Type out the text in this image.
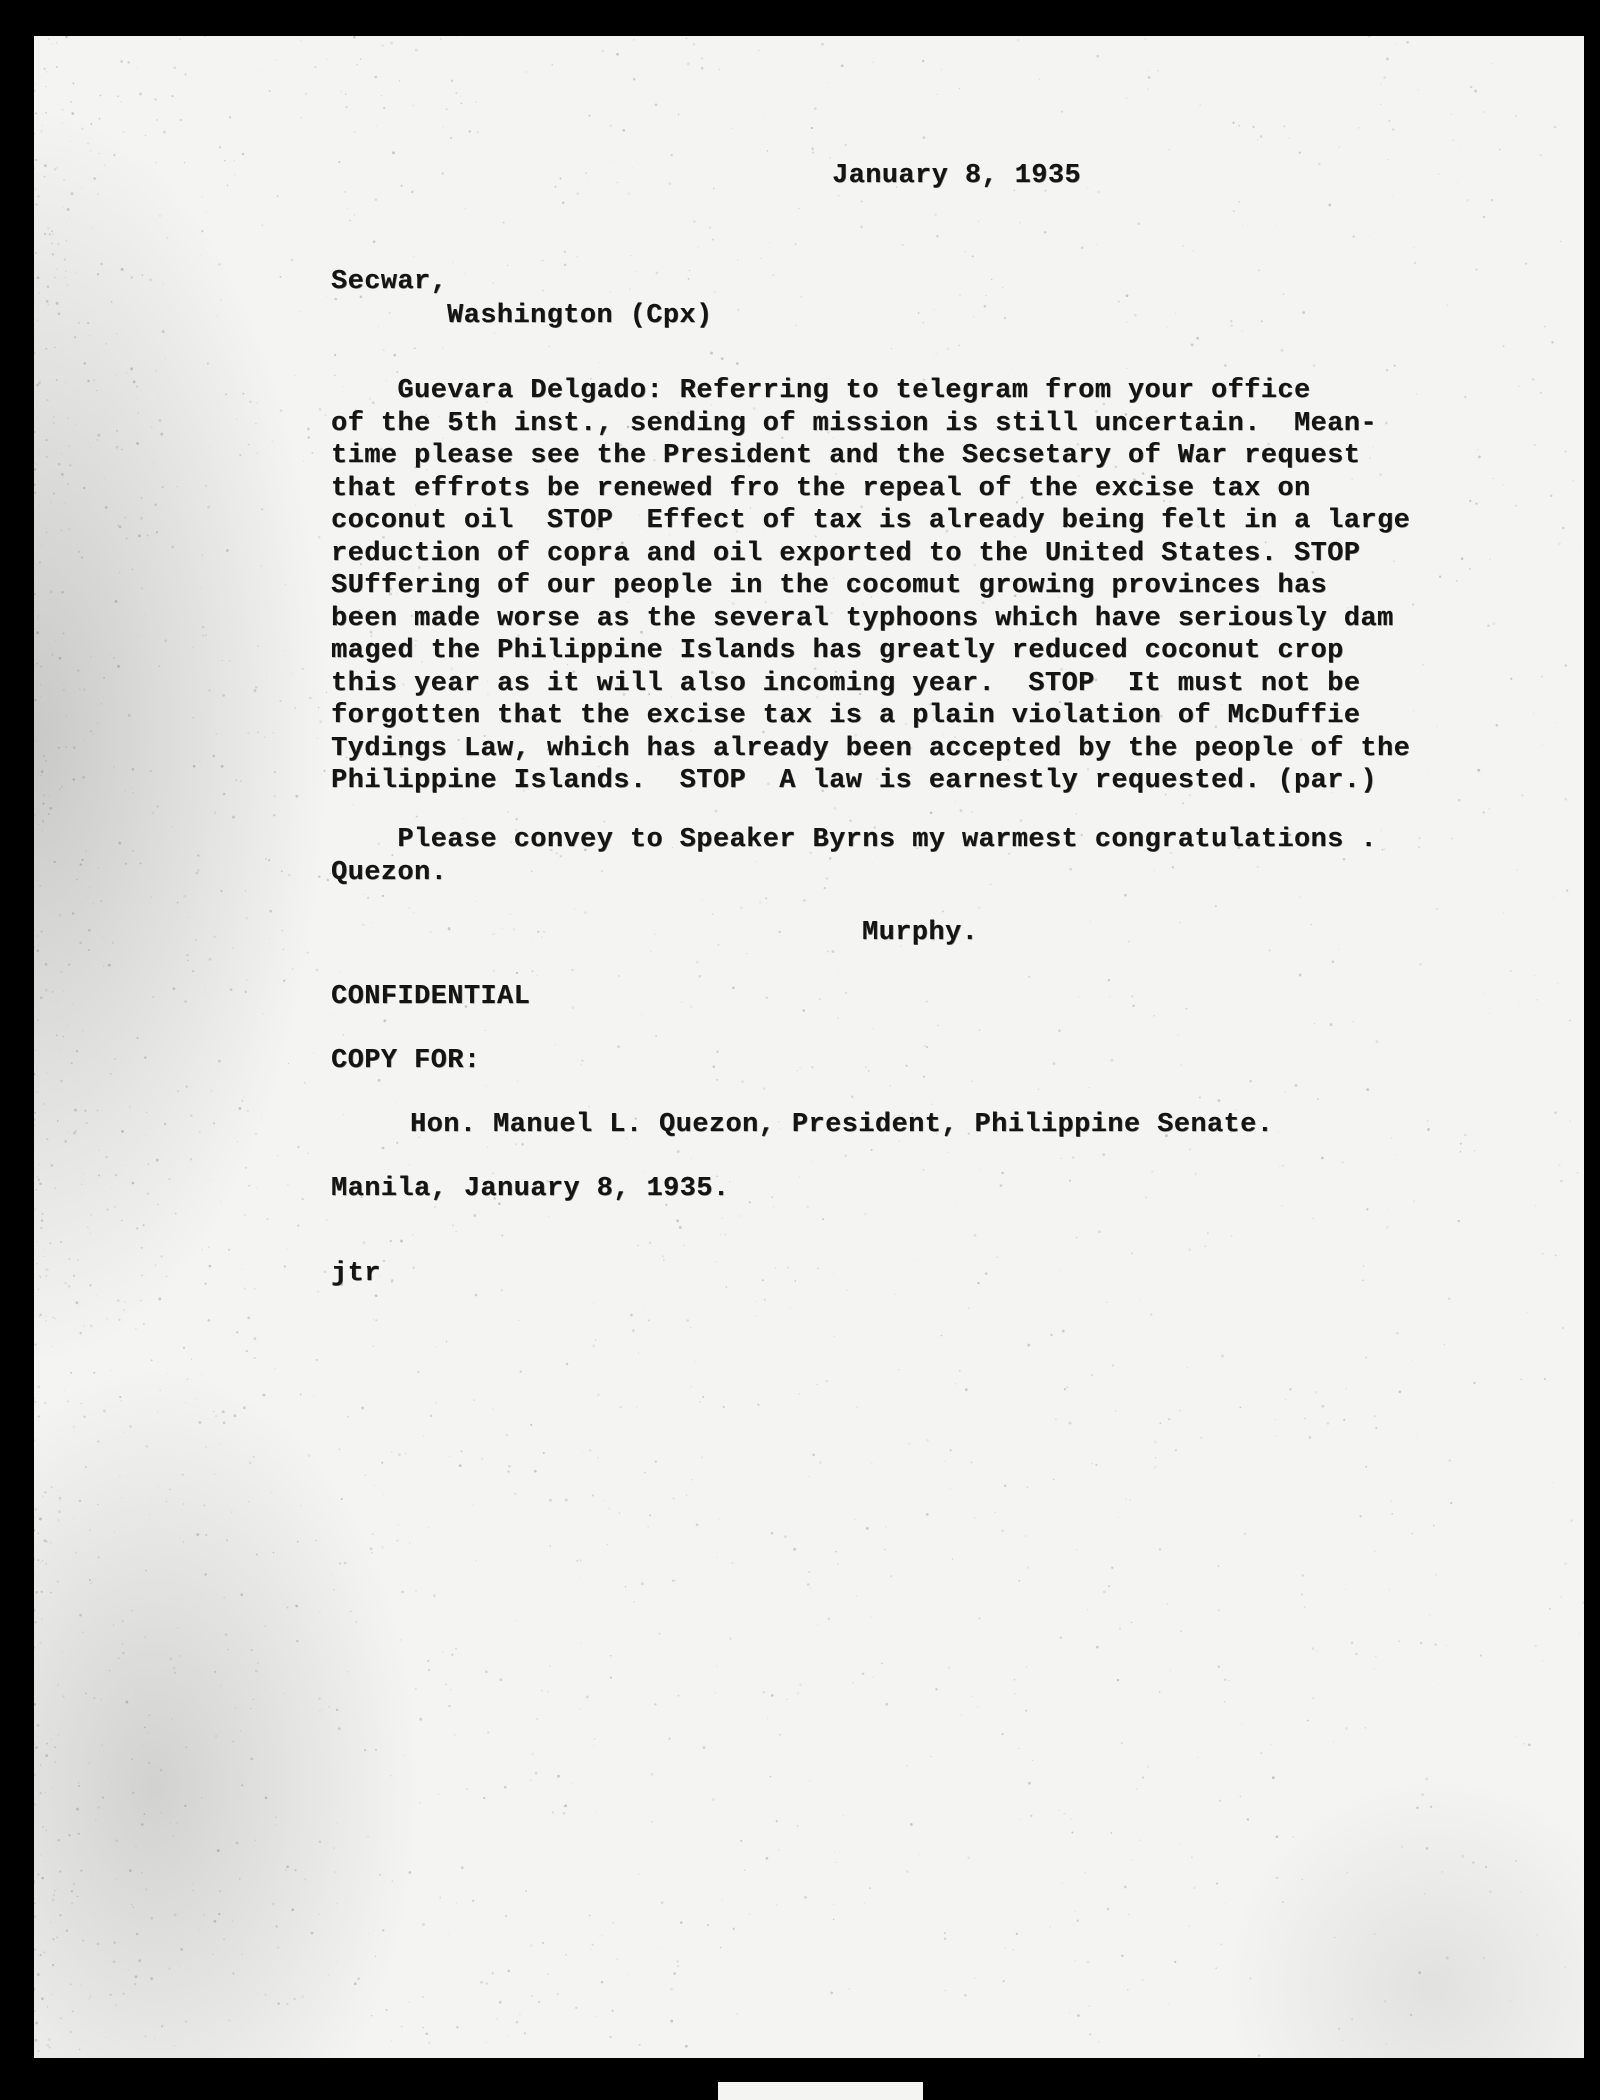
January 8, 1935
Secwar,
Washington (Cpx)
Guevara Delgado: Referring to telegram from your office
of the 5th inst., sending of mission is still uncertain.  Mean-
time please see the President and the Secsetary of War request
that effrots be renewed fro the repeal of the excise tax on
coconut oil  STOP  Effect of tax is already being felt in a large
reduction of copra and oil exported to the United States. STOP
SUffering of our people in the cocomut growing provinces has
been made worse as the several typhoons which have seriously dam
maged the Philippine Islands has greatly reduced coconut crop
this year as it will also incoming year.  STOP  It must not be
forgotten that the excise tax is a plain violation of McDuffie
Tydings Law, which has already been accepted by the people of the
Philippine Islands.  STOP  A law is earnestly requested. (par.)
Please convey to Speaker Byrns my warmest congratulations .
Quezon.
Murphy.
CONFIDENTIAL
COPY FOR:
Hon. Manuel L. Quezon, President, Philippine Senate.
Manila, January 8, 1935.
jtr
